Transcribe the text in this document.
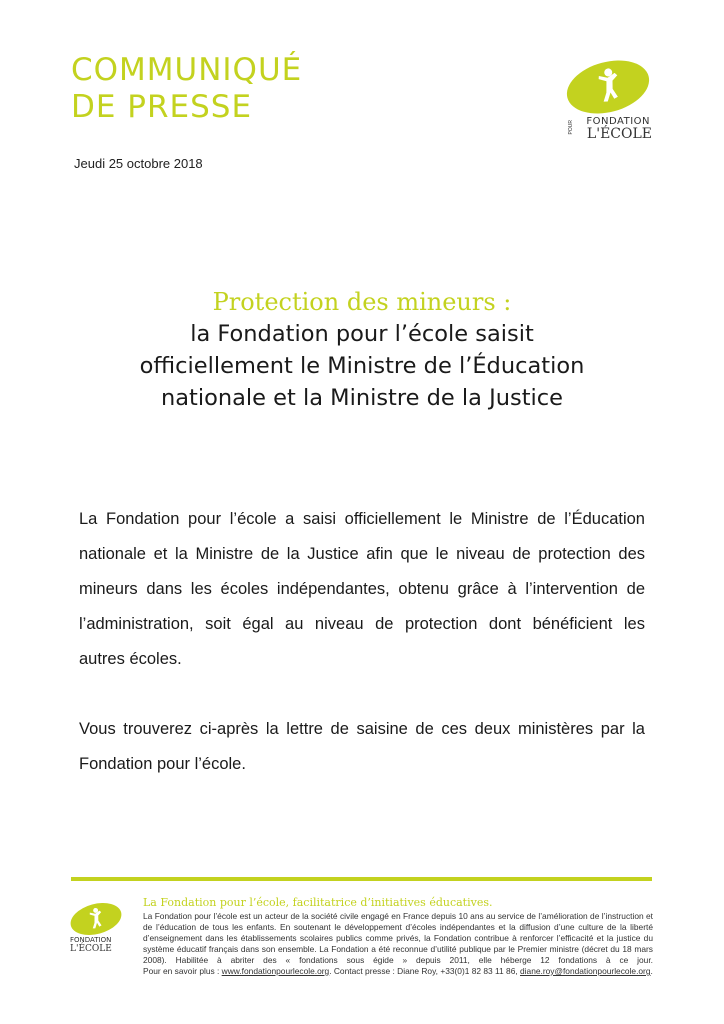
COMMUNIQUÉ
DE PRESSE
POUR FONDATION
L'ÉCOLE
Jeudi 25 octobre 2018
Protection des mineurs :
la Fondation pour l’école saisit
officiellement le Ministre de l’Éducation
nationale et la Ministre de la Justice
La Fondation pour l’école a saisi officiellement le Ministre de l’Éducation
nationale et la Ministre de la Justice afin que le niveau de protection des
mineurs dans les écoles indépendantes, obtenu grâce à l’intervention de
l’administration, soit égal au niveau de protection dont bénéficient les
autres écoles.
Vous trouverez ci-après la lettre de saisine de ces deux ministères par la
Fondation pour l’école.
FONDATION
L'ÉCOLE
La Fondation pour l’école, facilitatrice d’initiatives éducatives.
La Fondation pour l’école est un acteur de la société civile engagé en France depuis 10 ans au service de l’amélioration de l’instruction et
de l’éducation de tous les enfants. En soutenant le développement d’écoles indépendantes et la diffusion d’une culture de la liberté
d’enseignement dans les établissements scolaires publics comme privés, la Fondation contribue à renforcer l’efficacité et la justice du
système éducatif français dans son ensemble. La Fondation a été reconnue d’utilité publique par le Premier ministre (décret du 18 mars
2008). Habilitée à abriter des « fondations sous égide » depuis 2011, elle héberge 12 fondations à ce jour.
Pour en savoir plus : www.fondationpourlecole.org. Contact presse : Diane Roy, +33(0)1 82 83 11 86, diane.roy@fondationpourlecole.org.
